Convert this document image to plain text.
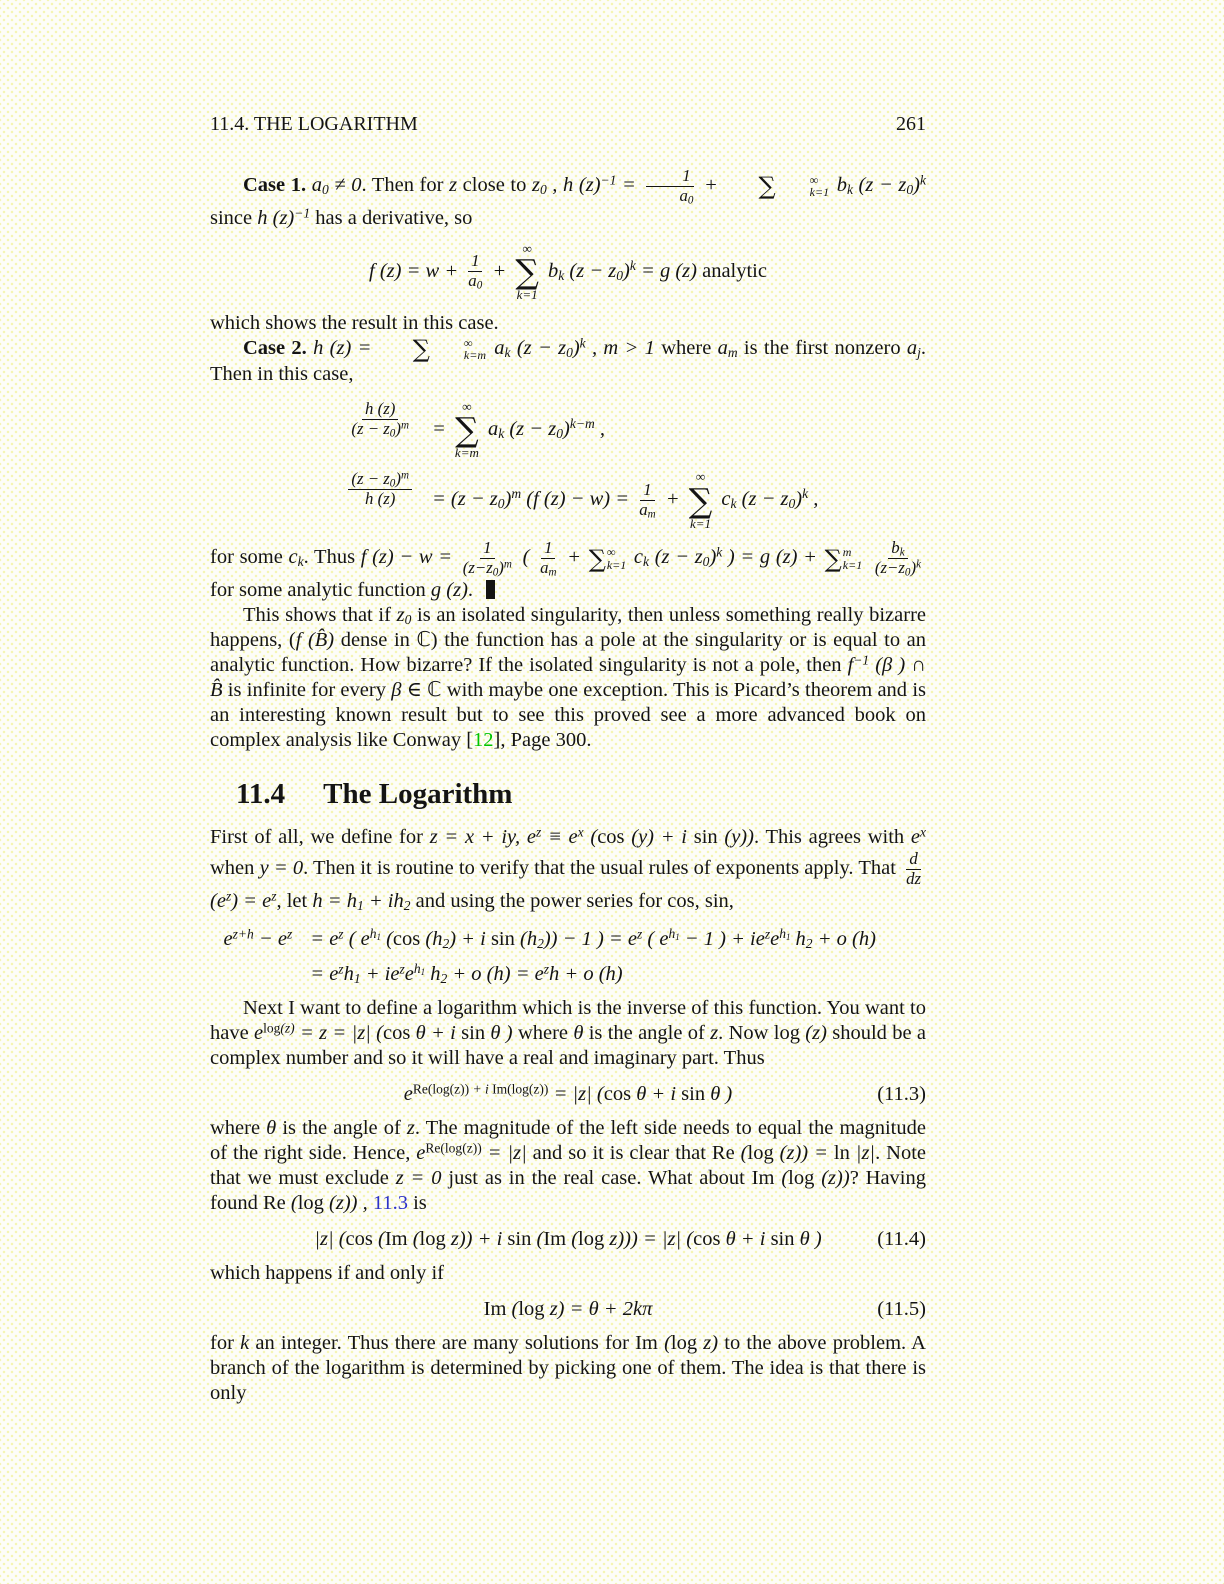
11.4. THE LOGARITHM	261

Case 1. $a_0 \ne 0$. Then for z close to $z_0$ , h $(z)^{-1} = \frac{1}{a_0}$ +	∑	∞
k=1 $b_k$ $(z - z_0)^k$ since h $(z)^{-1}$ has a derivative, so

f $(z) = w + \frac{1}{a_0}$ +
∞
∑
k=1
$b_k$ $(z - z_0)^k = g$ (z) analytic

which shows the result in this case.

Case 2. h (z) =	∑	∞
k=m $a_k$ $(z - z_0)^k$ , m > 1 where $a_m$ is the first nonzero $a_j$. Then in this case,

$\frac{h (z)}{(z - z_0)^m}$ =
∞
∑
k=m
$a_k$ $(z - z_0)^{k-m}$ ,
$\frac{(z - z_0)^m}{h (z)} = (z - z_0)^m$ (f $(z) - w) = \frac{1}{a_m}$ +
∞
∑
k=1
$c_k$ $(z - z_0)^k$ ,

for some $c_k$. Thus f $(z) - w = \frac{1}{(z-z_0)^m}$ ( $\frac{1}{a_m}$ + ∑ ∞
k=1 $c_k$ $(z - z_0)^k$ ) = g (z) + ∑ m
k=1
$\frac{b_k}{(z-z_0)^k}$
for some analytic function g (z).

This shows that if $z_0$ is an isolated singularity, then unless something really bizarre happens, (f (B̂) dense in ℂ) the function has a pole at the singularity or is equal to an analytic function. How bizarre? If the isolated singularity is not a pole, then $f^{-1}$ (β ) ∩ B̂ is infinite for every β ∈ ℂ with maybe one exception. This is Picard’s theorem and is an interesting known result but to see this proved see a more advanced book on complex analysis like Conway [12], Page 300.

11.4 The Logarithm

First of all, we define for z = x + iy, $e^z \equiv e^x$ (cos (y) + i sin (y)). This agrees with $e^x$ when y = 0. Then it is routine to verify that the usual rules of exponents apply. That $\frac{d}{dz}$
$(e^z) = e^z$, let $h = h_1 + ih_2$ and using the power series for cos, sin,

$e^{z+h} - e^z = e^z$ ( $e^{h_1}$ (cos $(h_2) + i$ $\sin (h_2)) - 1$ ) = $e^z$ ( $e^{h_1} - 1$ ) + $ie^ze^{h_1}$ $h_2 + o$ (h)
= $e^zh_1 + ie^ze^{h_1}$ $h_2 + o$ $(h) = e^zh + o$ (h)

Next I want to define a logarithm which is the inverse of this function. You want to have $e^{log(z)} = z = |z|$ (cos θ + i sin θ ) where θ is the angle of z. Now log (z) should be a complex number and so it will have a real and imaginary part. Thus

$e^{Re(log(z)) + i Im(log(z))} = |z|$ (cos θ + i sin θ )	(11.3)

where θ is the angle of z. The magnitude of the left side needs to equal the magnitude of the right side. Hence, $e^{Re(log(z))} = |z|$ and so it is clear that Re (log (z)) = ln |z|. Note that we must exclude z = 0 just as in the real case. What about Im (log (z))? Having found Re (log (z)) , 11.3 is

|z| (cos (Im (log z)) + i sin (Im (log z))) = |z| (cos θ + i sin θ )	(11.4)

which happens if and only if

Im (log z) = θ + 2kπ	(11.5)

for k an integer. Thus there are many solutions for Im (log z) to the above problem. A branch of the logarithm is determined by picking one of them. The idea is that there is only
